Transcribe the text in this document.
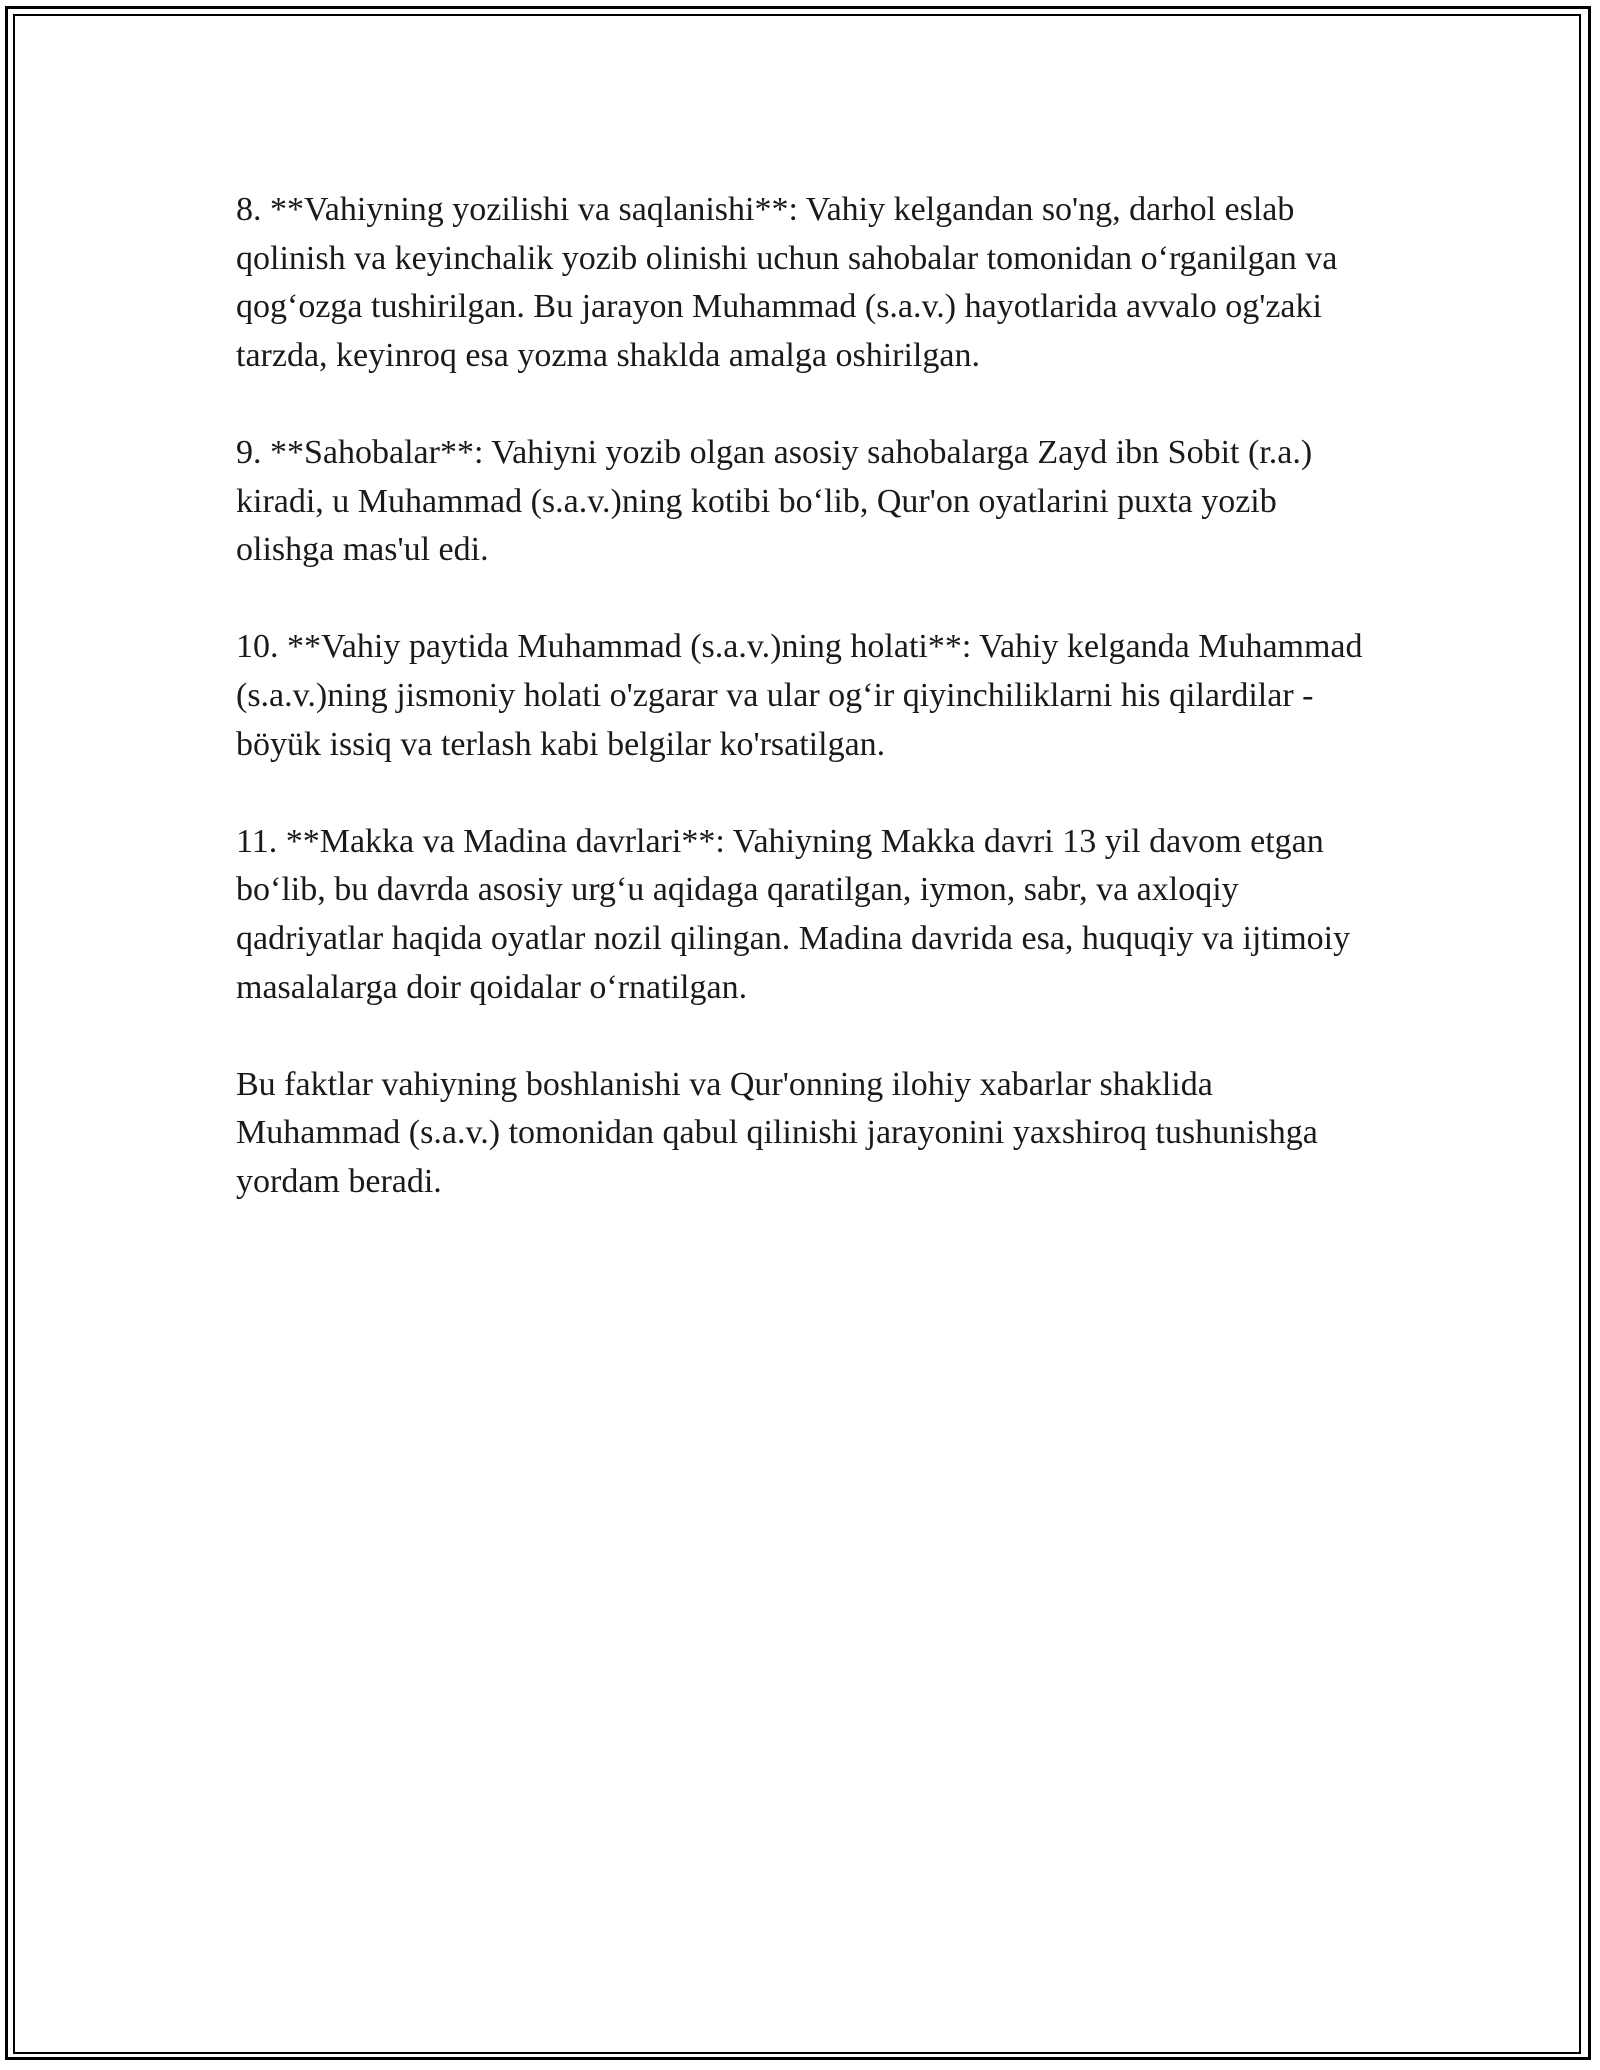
8. **Vahiyning yozilishi va saqlanishi**: Vahiy kelgandan so'ng, darhol eslab qolinish va keyinchalik yozib olinishi uchun sahobalar tomonidan o‘rganilgan va qog‘ozga tushirilgan. Bu jarayon Muhammad (s.a.v.) hayotlarida avvalo og'zaki tarzda, keyinroq esa yozma shaklda amalga oshirilgan.

9. **Sahobalar**: Vahiyni yozib olgan asosiy sahobalarga Zayd ibn Sobit (r.a.) kiradi, u Muhammad (s.a.v.)ning kotibi bo‘lib, Qur'on oyatlarini puxta yozib olishga mas'ul edi.

10. **Vahiy paytida Muhammad (s.a.v.)ning holati**: Vahiy kelganda Muhammad (s.a.v.)ning jismoniy holati o'zgarar va ular og‘ir qiyinchiliklarni his qilardilar - böyük issiq va terlash kabi belgilar ko'rsatilgan.

11. **Makka va Madina davrlari**: Vahiyning Makka davri 13 yil davom etgan bo‘lib, bu davrda asosiy urg‘u aqidaga qaratilgan, iymon, sabr, va axloqiy qadriyatlar haqida oyatlar nozil qilingan. Madina davrida esa, huquqiy va ijtimoiy masalalarga doir qoidalar o‘rnatilgan.

Bu faktlar vahiyning boshlanishi va Qur'onning ilohiy xabarlar shaklida Muhammad (s.a.v.) tomonidan qabul qilinishi jarayonini yaxshiroq tushunishga yordam beradi.
